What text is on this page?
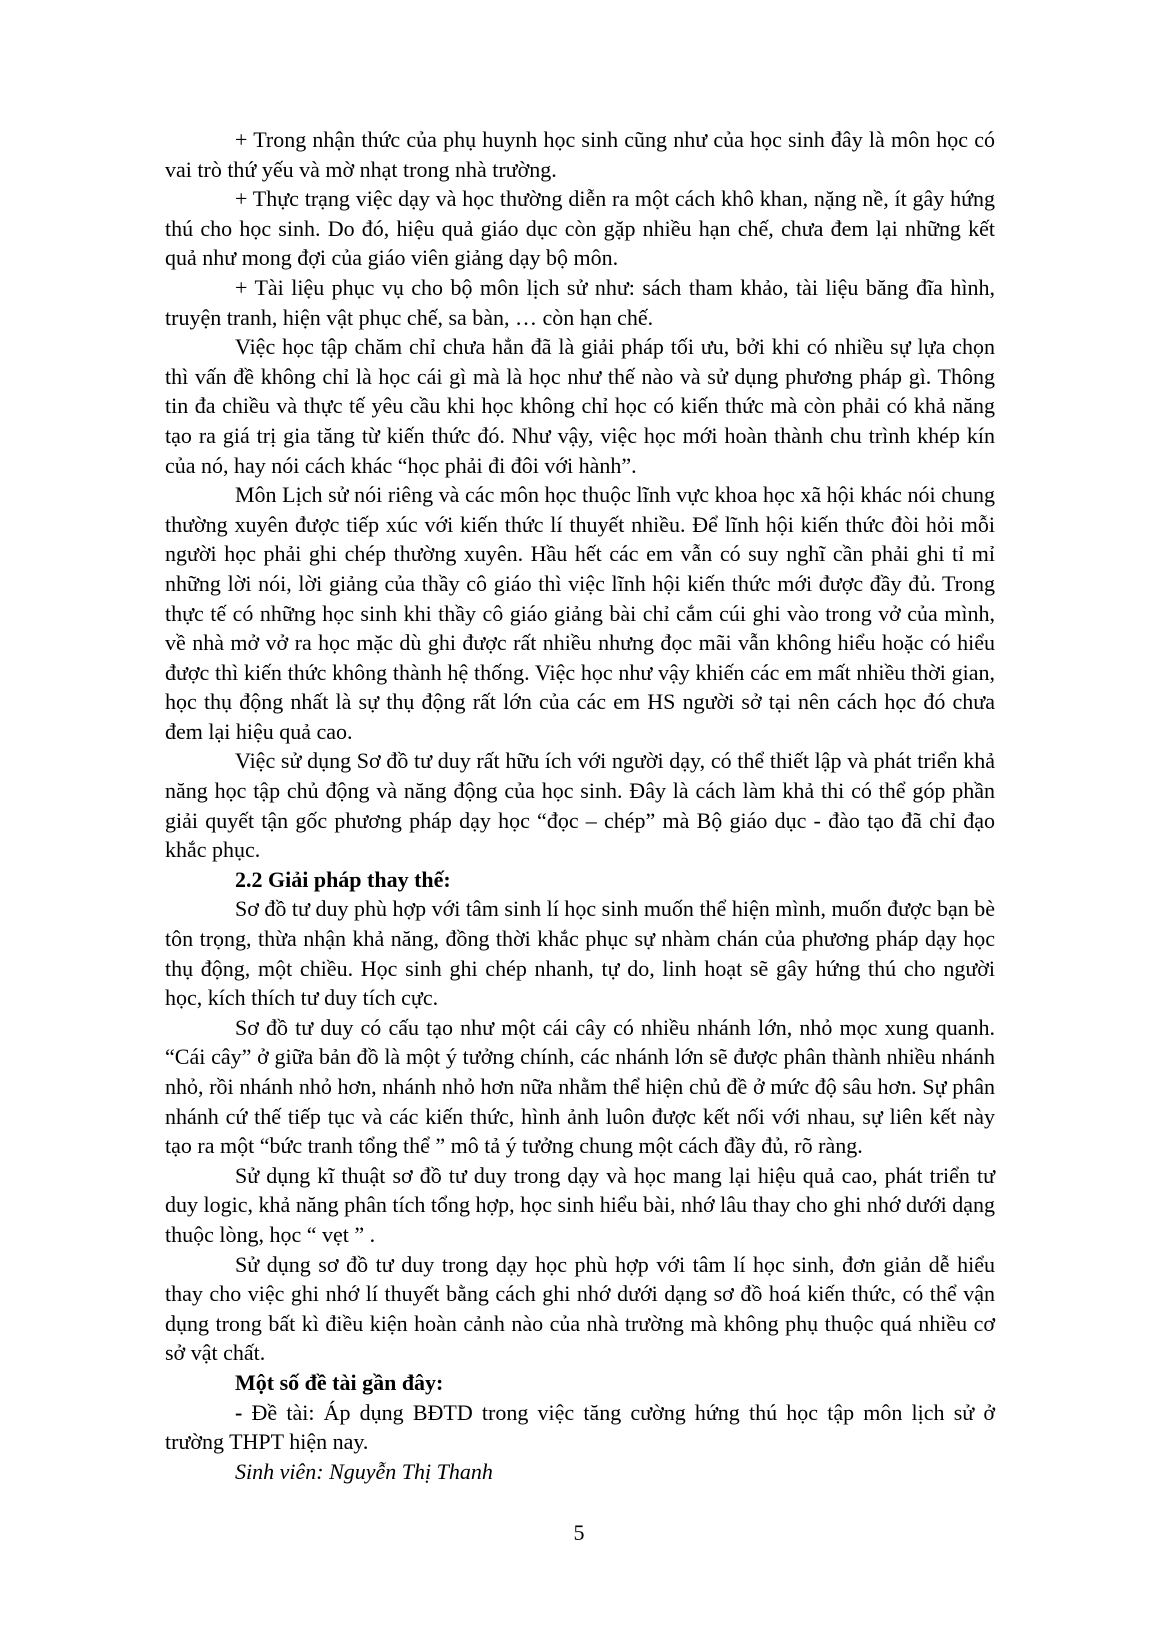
+ Trong nhận thức của phụ huynh học sinh cũng như của học sinh đây là môn học có vai trò thứ yếu và mờ nhạt trong nhà trường.

+ Thực trạng việc dạy và học thường diễn ra một cách khô khan, nặng nề, ít gây hứng thú cho học sinh. Do đó, hiệu quả giáo dục còn gặp nhiều hạn chế, chưa đem lại những kết quả như mong đợi của giáo viên giảng dạy bộ môn.

+ Tài liệu phục vụ cho bộ môn lịch sử như: sách tham khảo, tài liệu băng đĩa hình, truyện tranh, hiện vật phục chế, sa bàn, … còn hạn chế.

Việc học tập chăm chỉ chưa hẳn đã là giải pháp tối ưu, bởi khi có nhiều sự lựa chọn thì vấn đề không chỉ là học cái gì mà là học như thế nào và sử dụng phương pháp gì. Thông tin đa chiều và thực tế yêu cầu khi học không chỉ học có kiến thức mà còn phải có khả năng tạo ra giá trị gia tăng từ kiến thức đó. Như vậy, việc học mới hoàn thành chu trình khép kín của nó, hay nói cách khác “học phải đi đôi với hành”.

Môn Lịch sử nói riêng và các môn học thuộc lĩnh vực khoa học xã hội khác nói chung thường xuyên được tiếp xúc với kiến thức lí thuyết nhiều. Để lĩnh hội kiến thức đòi hỏi mỗi người học phải ghi chép thường xuyên. Hầu hết các em vẫn có suy nghĩ cần phải ghi tỉ mỉ những lời nói, lời giảng của thầy cô giáo thì việc lĩnh hội kiến thức mới được đầy đủ. Trong thực tế có những học sinh khi thầy cô giáo giảng bài chỉ cắm cúi ghi vào trong vở của mình, về nhà mở vở ra học mặc dù ghi được rất nhiều nhưng đọc mãi vẫn không hiểu hoặc có hiểu được thì kiến thức không thành hệ thống. Việc học như vậy khiến các em mất nhiều thời gian, học thụ động nhất là sự thụ động rất lớn của các em HS người sở tại nên cách học đó chưa đem lại hiệu quả cao.

Việc sử dụng Sơ đồ tư duy rất hữu ích với người dạy, có thể thiết lập và phát triển khả năng học tập chủ động và năng động của học sinh. Đây là cách làm khả thi có thể góp phần giải quyết tận gốc phương pháp dạy học “đọc – chép” mà Bộ giáo dục - đào tạo đã chỉ đạo khắc phục.

2.2 Giải pháp thay thế:

Sơ đồ tư duy phù hợp với tâm sinh lí học sinh muốn thể hiện mình, muốn được bạn bè tôn trọng, thừa nhận khả năng, đồng thời khắc phục sự nhàm chán của phương pháp dạy học thụ động, một chiều. Học sinh ghi chép nhanh, tự do, linh hoạt sẽ gây hứng thú cho người học, kích thích tư duy tích cực.

Sơ đồ tư duy có cấu tạo như một cái cây có nhiều nhánh lớn, nhỏ mọc xung quanh. “Cái cây” ở giữa bản đồ là một ý tưởng chính, các nhánh lớn sẽ được phân thành nhiều nhánh nhỏ, rồi nhánh nhỏ hơn, nhánh nhỏ hơn nữa nhằm thể hiện chủ đề ở mức độ sâu hơn. Sự phân nhánh cứ thế tiếp tục và các kiến thức, hình ảnh luôn được kết nối với nhau, sự liên kết này tạo ra một “bức tranh tổng thể ” mô tả ý tưởng chung một cách đầy đủ, rõ ràng.

Sử dụng kĩ thuật sơ đồ tư duy trong dạy và học mang lại hiệu quả cao, phát triển tư duy logic, khả năng phân tích tổng hợp, học sinh hiểu bài, nhớ lâu thay cho ghi nhớ dưới dạng thuộc lòng, học “ vẹt ” .

Sử dụng sơ đồ tư duy trong dạy học phù hợp với tâm lí học sinh, đơn giản dễ hiểu thay cho việc ghi nhớ lí thuyết bằng cách ghi nhớ dưới dạng sơ đồ hoá kiến thức, có thể vận dụng trong bất kì điều kiện hoàn cảnh nào của nhà trường mà không phụ thuộc quá nhiều cơ sở vật chất.

Một số đề tài gần đây:

- Đề tài: Áp dụng BĐTD trong việc tăng cường hứng thú học tập môn lịch sử ở trường THPT hiện nay.

Sinh viên: Nguyễn Thị Thanh

5
